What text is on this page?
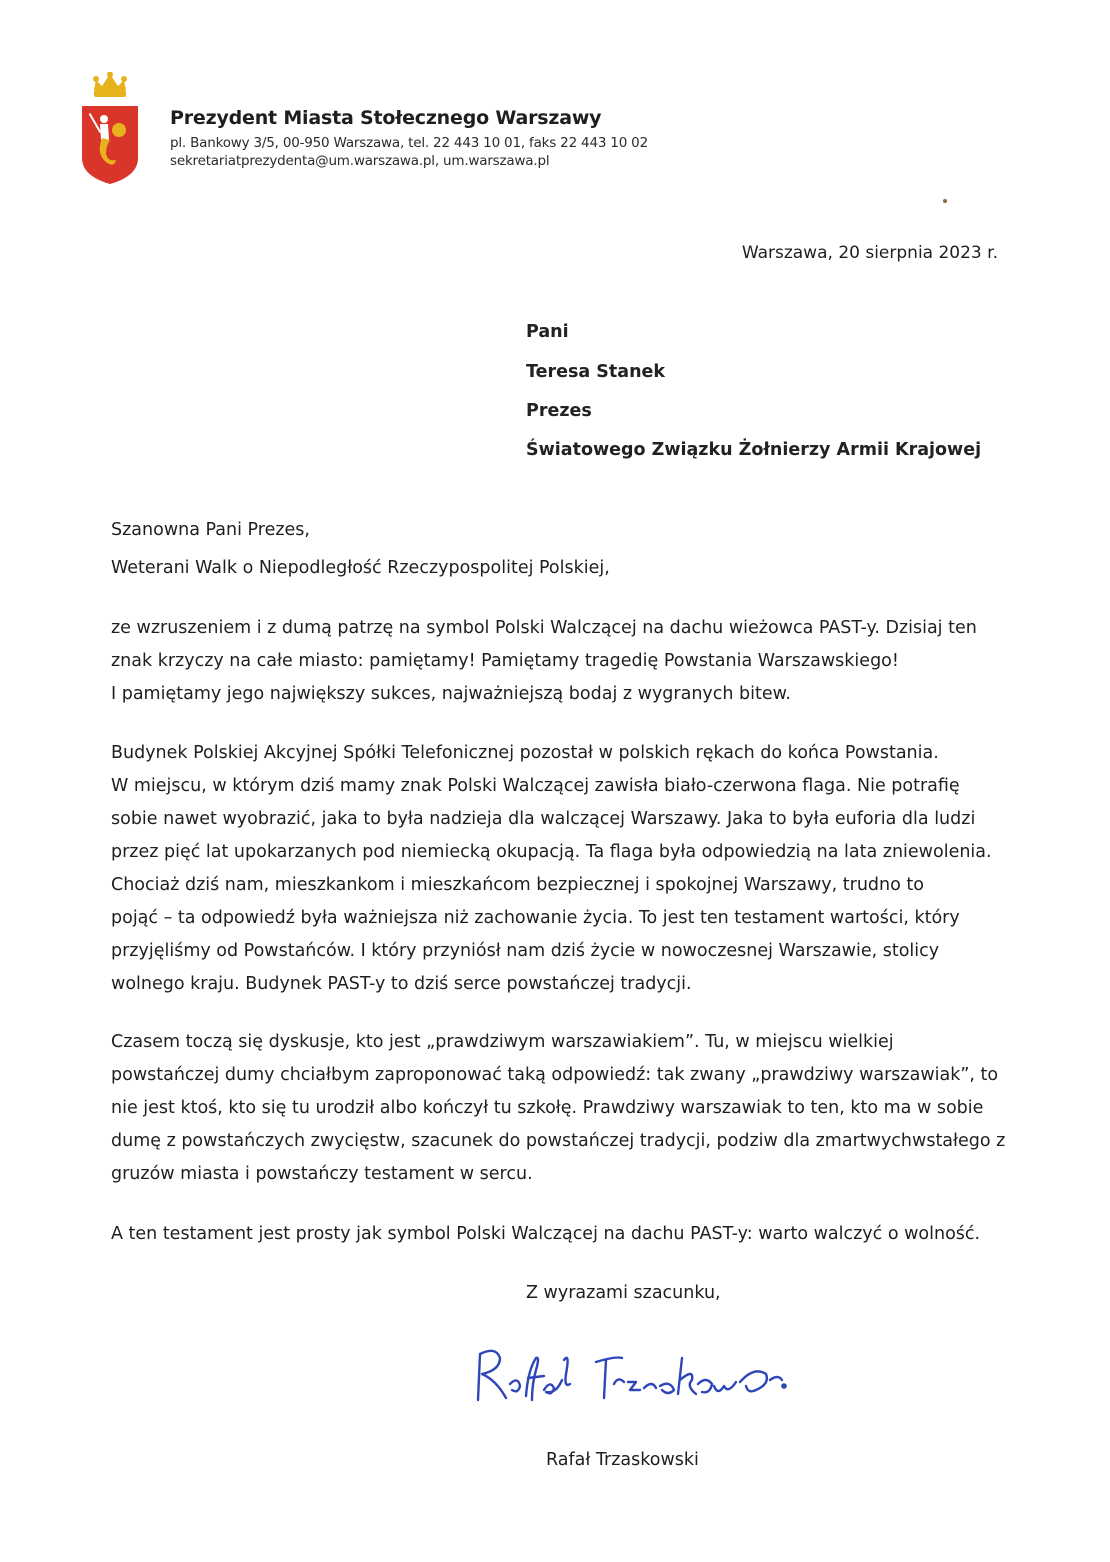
Prezydent Miasta Stołecznego Warszawy
pl. Bankowy 3/5, 00-950 Warszawa, tel. 22 443 10 01, faks 22 443 10 02
sekretariatprezydenta@um.warszawa.pl, um.warszawa.pl
Warszawa, 20 sierpnia 2023 r.
Pani
Teresa Stanek
Prezes
Światowego Związku Żołnierzy Armii Krajowej
Szanowna Pani Prezes,
Weterani Walk o Niepodległość Rzeczypospolitej Polskiej,
ze wzruszeniem i z dumą patrzę na symbol Polski Walczącej na dachu wieżowca PAST-y. Dzisiaj ten
znak krzyczy na całe miasto: pamiętamy! Pamiętamy tragedię Powstania Warszawskiego!
I pamiętamy jego największy sukces, najważniejszą bodaj z wygranych bitew.
Budynek Polskiej Akcyjnej Spółki Telefonicznej pozostał w polskich rękach do końca Powstania.
W miejscu, w którym dziś mamy znak Polski Walczącej zawisła biało-czerwona flaga. Nie potrafię
sobie nawet wyobrazić, jaka to była nadzieja dla walczącej Warszawy. Jaka to była euforia dla ludzi
przez pięć lat upokarzanych pod niemiecką okupacją. Ta flaga była odpowiedzią na lata zniewolenia.
Chociaż dziś nam, mieszkankom i mieszkańcom bezpiecznej i spokojnej Warszawy, trudno to
pojąć – ta odpowiedź była ważniejsza niż zachowanie życia. To jest ten testament wartości, który
przyjęliśmy od Powstańców. I który przyniósł nam dziś życie w nowoczesnej Warszawie, stolicy
wolnego kraju. Budynek PAST-y to dziś serce powstańczej tradycji.
Czasem toczą się dyskusje, kto jest „prawdziwym warszawiakiem”. Tu, w miejscu wielkiej
powstańczej dumy chciałbym zaproponować taką odpowiedź: tak zwany „prawdziwy warszawiak”, to
nie jest ktoś, kto się tu urodził albo kończył tu szkołę. Prawdziwy warszawiak to ten, kto ma w sobie
dumę z powstańczych zwycięstw, szacunek do powstańczej tradycji, podziw dla zmartwychwstałego z
gruzów miasta i powstańczy testament w sercu.
A ten testament jest prosty jak symbol Polski Walczącej na dachu PAST-y: warto walczyć o wolność.
Z wyrazami szacunku,
Rafał Trzaskowski
